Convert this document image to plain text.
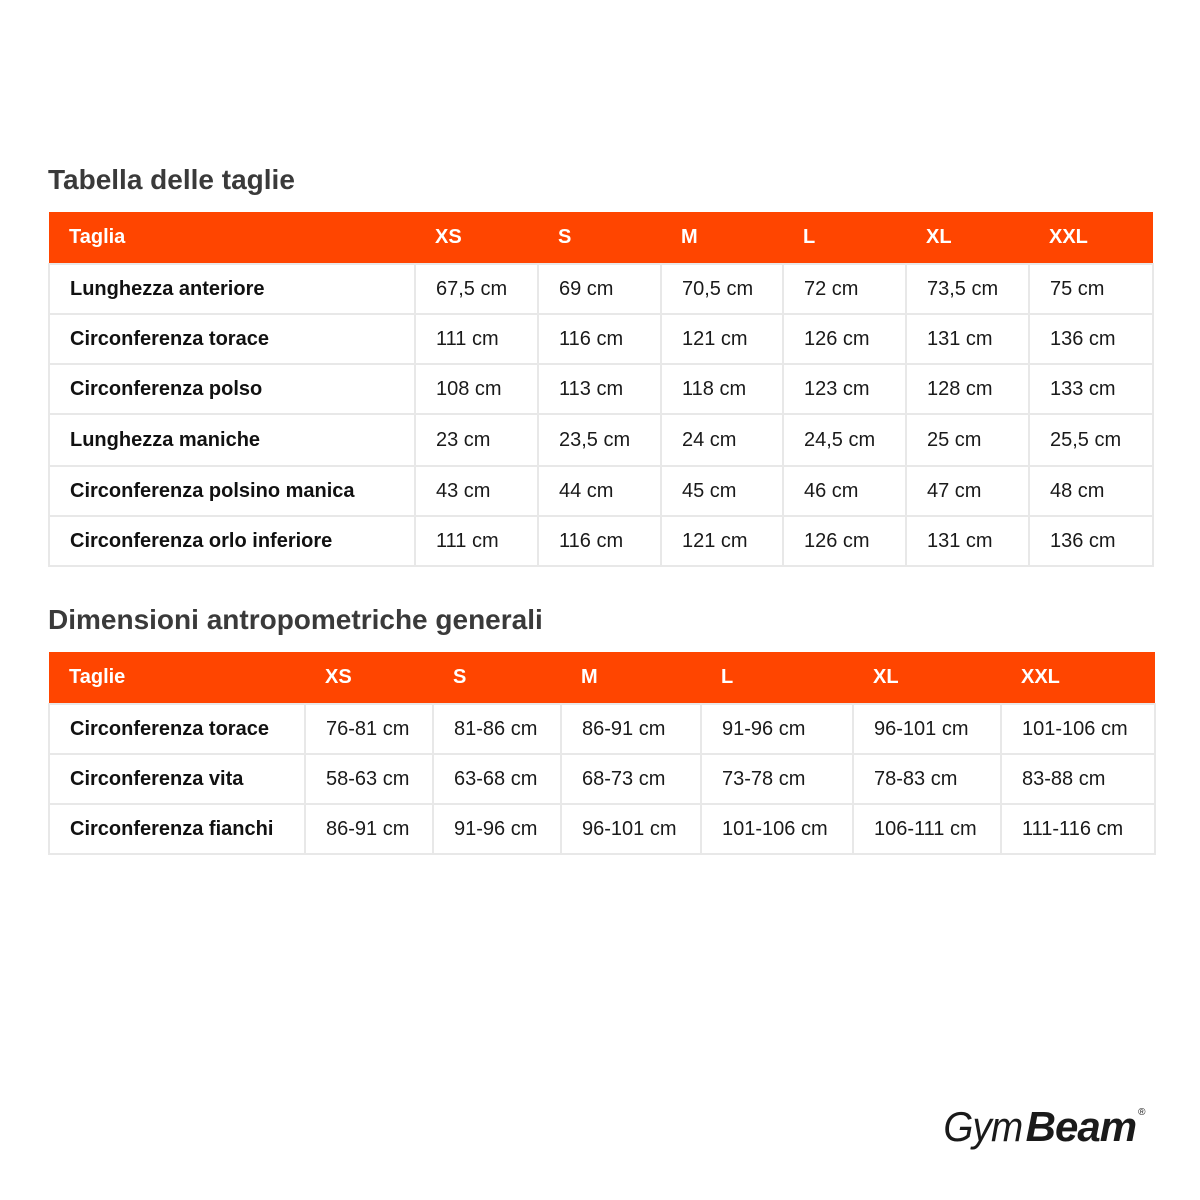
Tabella delle taglie
Taglia	XS	S	M	L	XL	XXL
Lunghezza anteriore	67,5 cm	69 cm	70,5 cm	72 cm	73,5 cm	75 cm
Circonferenza torace	111 cm	116 cm	121 cm	126 cm	131 cm	136 cm
Circonferenza polso	108 cm	113 cm	118 cm	123 cm	128 cm	133 cm
Lunghezza maniche	23 cm	23,5 cm	24 cm	24,5 cm	25 cm	25,5 cm
Circonferenza polsino manica	43 cm	44 cm	45 cm	46 cm	47 cm	48 cm
Circonferenza orlo inferiore	111 cm	116 cm	121 cm	126 cm	131 cm	136 cm
Dimensioni antropometriche generali
Taglie	XS	S	M	L	XL	XXL
Circonferenza torace	76-81 cm	81-86 cm	86-91 cm	91-96 cm	96-101 cm	101-106 cm
Circonferenza vita	58-63 cm	63-68 cm	68-73 cm	73-78 cm	78-83 cm	83-88 cm
Circonferenza fianchi	86-91 cm	91-96 cm	96-101 cm	101-106 cm	106-111 cm	111-116 cm
GymBeam ®
